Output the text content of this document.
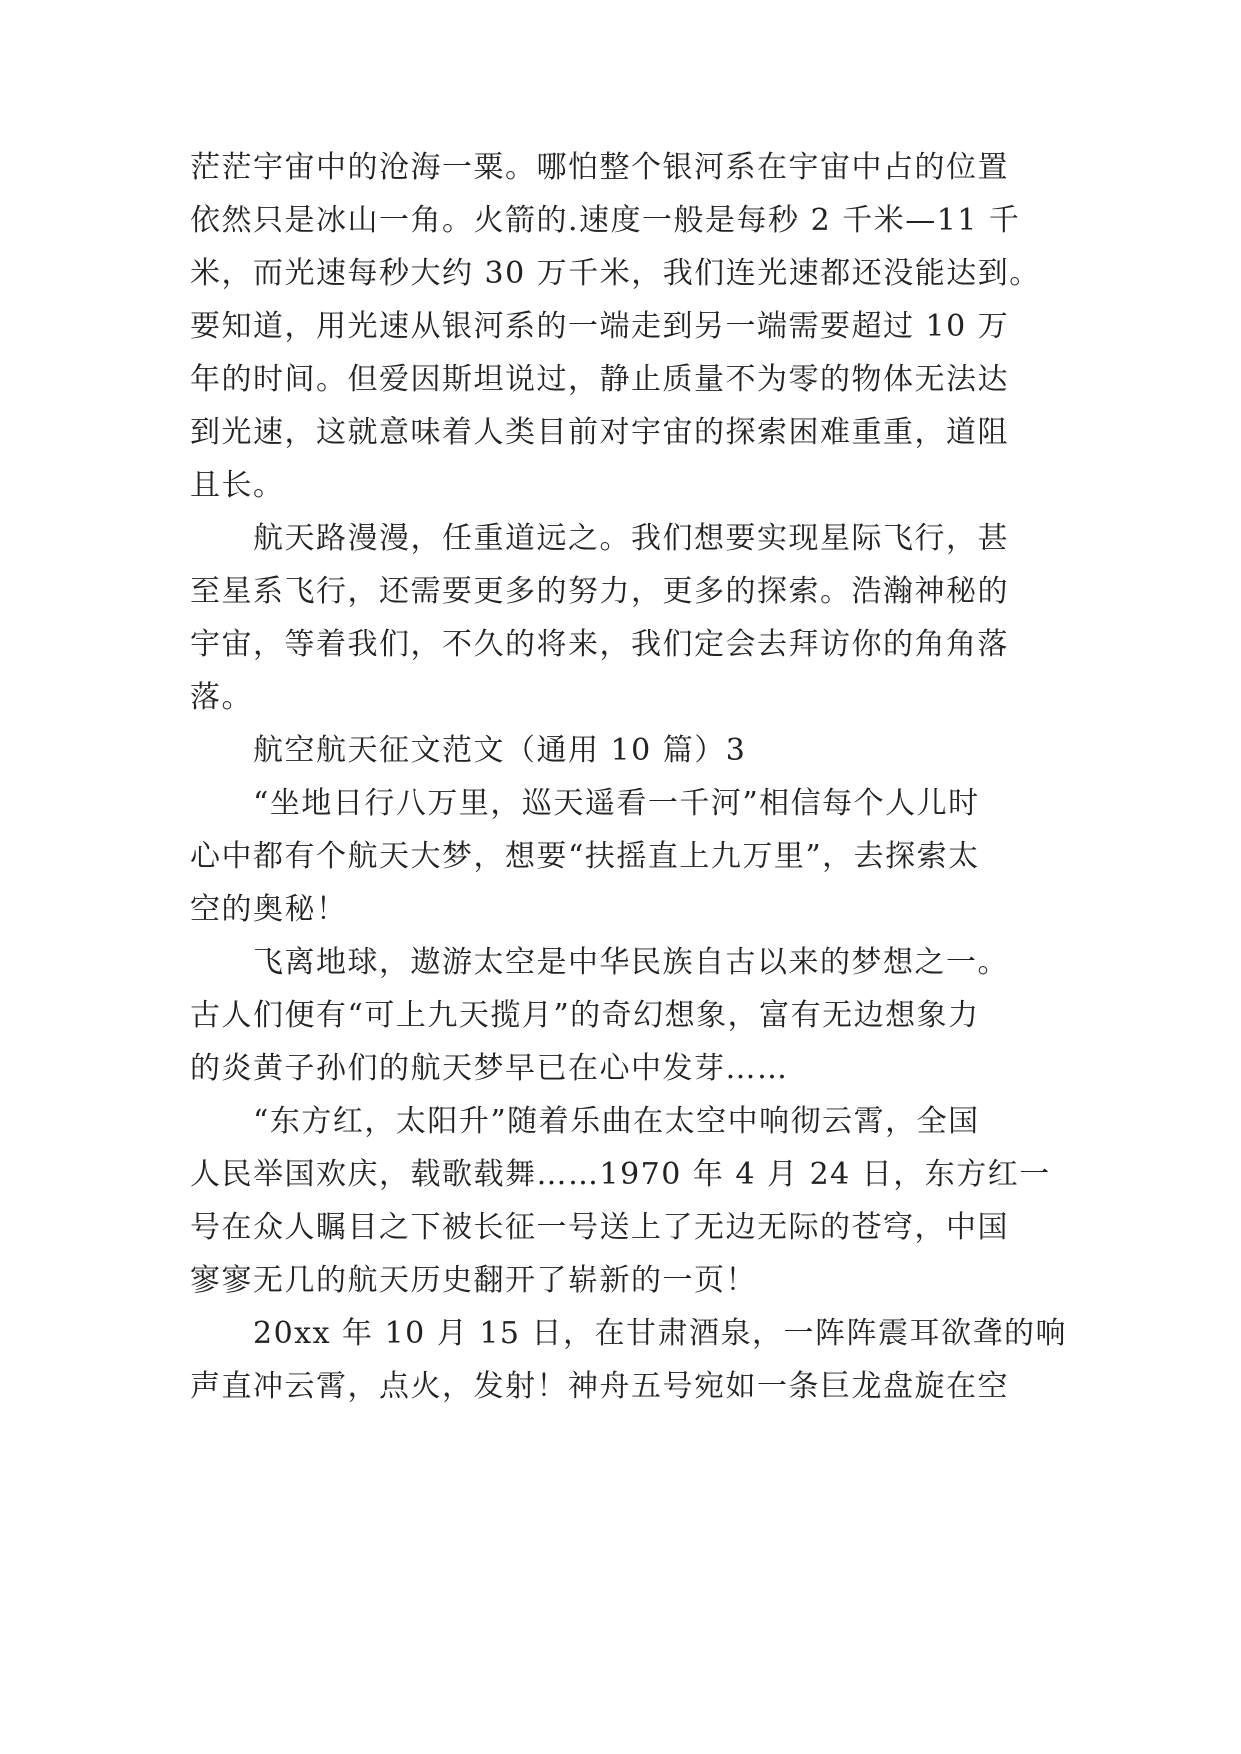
茫茫宇宙中的沧海一粟。哪怕整个银河系在宇宙中占的位置
依然只是冰山一角。火箭的.速度一般是每秒 2 千米—11 千
米，而光速每秒大约 30 万千米，我们连光速都还没能达到。
要知道，用光速从银河系的一端走到另一端需要超过 10 万
年的时间。但爱因斯坦说过，静止质量不为零的物体无法达
到光速，这就意味着人类目前对宇宙的探索困难重重，道阻
且长。
航天路漫漫，任重道远之。我们想要实现星际飞行，甚
至星系飞行，还需要更多的努力，更多的探索。浩瀚神秘的
宇宙，等着我们，不久的将来，我们定会去拜访你的角角落
落。
航空航天征文范文（通用 10 篇）3
“坐地日行八万里，巡天遥看一千河”相信每个人儿时
心中都有个航天大梦，想要“扶摇直上九万里”，去探索太
空的奥秘！
飞离地球，遨游太空是中华民族自古以来的梦想之一。
古人们便有“可上九天揽月”的奇幻想象，富有无边想象力
的炎黄子孙们的航天梦早已在心中发芽……
“东方红，太阳升”随着乐曲在太空中响彻云霄，全国
人民举国欢庆，载歌载舞……1970 年 4 月 24 日，东方红一
号在众人瞩目之下被长征一号送上了无边无际的苍穹，中国
寥寥无几的航天历史翻开了崭新的一页！
20xx 年 10 月 15 日，在甘肃酒泉，一阵阵震耳欲聋的响
声直冲云霄，点火，发射！神舟五号宛如一条巨龙盘旋在空
